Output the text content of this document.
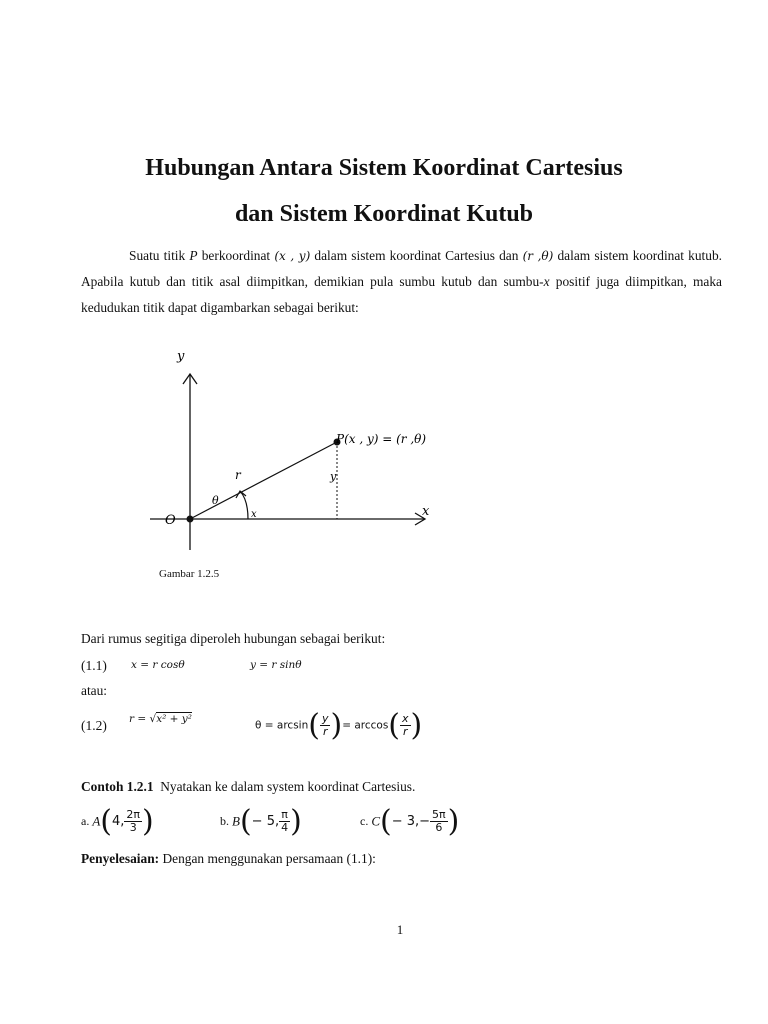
Hubungan Antara Sistem Koordinat Cartesius
dan Sistem Koordinat Kutub
Suatu titik P berkoordinat (x , y) dalam sistem koordinat Cartesius dan (r ,θ) dalam sistem koordinat kutub. Apabila kutub dan titik asal diimpitkan, demikian pula sumbu kutub dan sumbu-x positif juga diimpitkan, maka kedudukan titik dapat digambarkan sebagai berikut:
y
x
O
P(x , y) = (r ,θ)
r	y
θ
x
Gambar 1.2.5
Dari rumus segitiga diperoleh hubungan sebagai berikut:
(1.1) x = r cosθ	y = r sinθ
atau:
(1.2) r = √x² + y²
$\theta = \arcsin( \frac{y}{r}$ )= $\arccos( \frac{x}{r}$ )
Contoh 1.2.1 Nyatakan ke dalam system koordinat Cartesius.
a. A(4, $\frac{2\pi}{3}$ )	b. B(− 5, $\frac{\pi}{4}$ )	c. $C(- 3,- \frac{5\pi}{6}$ )
Penyelesaian: Dengan menggunakan persamaan (1.1):
1
